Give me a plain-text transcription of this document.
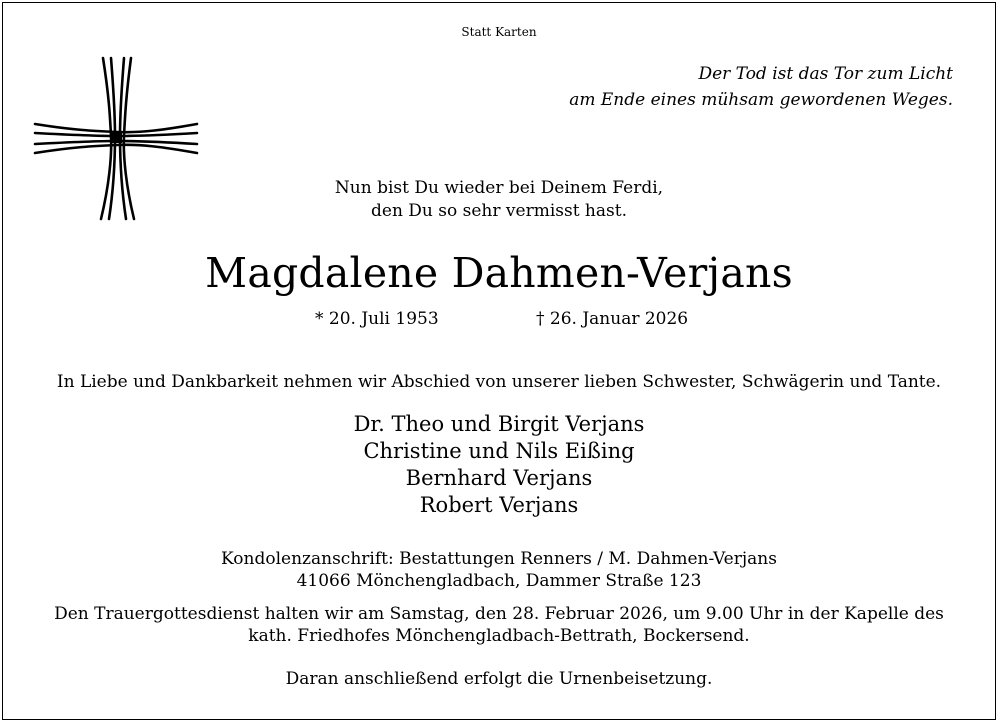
Statt Karten

Der Tod ist das Tor zum Licht

am Ende eines mühsam gewordenen Weges.

Nun bist Du wieder bei Deinem Ferdi,

den Du so sehr vermisst hast.

Magdalene Dahmen-Verjans
* 20. Juli 1953	† 26. Januar 2026
In Liebe und Dankbarkeit nehmen wir Abschied von unserer lieben Schwester, Schwägerin und Tante.

Dr. Theo und Birgit Verjans

Christine und Nils Eißing

Bernhard Verjans

Robert Verjans

Kondolenzanschrift: Bestattungen Renners / M. Dahmen-Verjans

41066 Mönchengladbach, Dammer Straße 123

Den Trauergottesdienst halten wir am Samstag, den 28. Februar 2026, um 9.00 Uhr in der Kapelle des

kath. Friedhofes Mönchengladbach-Bettrath, Bockersend.

Daran anschließend erfolgt die Urnenbeisetzung.
